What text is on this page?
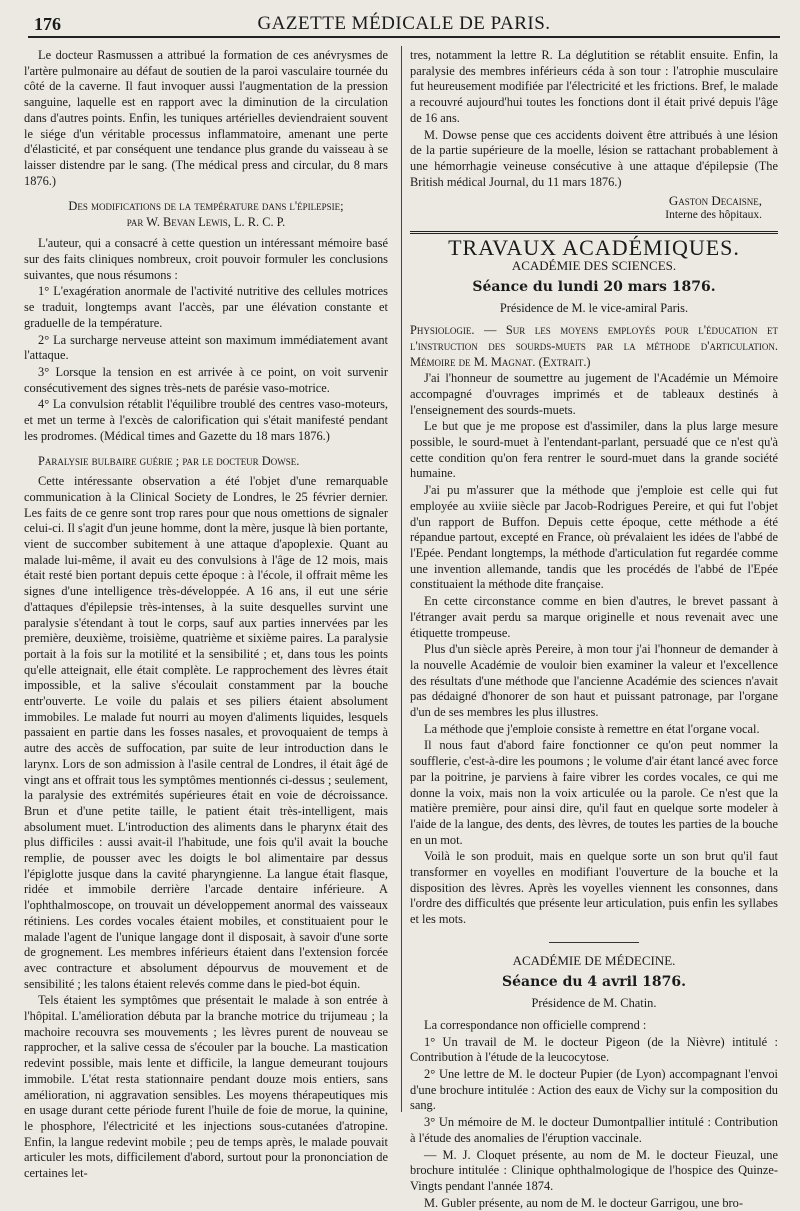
176	GAZETTE MÉDICALE DE PARIS.

Le docteur Rasmussen a attribué la formation de ces anévrysmes de l'artère pulmonaire au défaut de soutien de la paroi vasculaire tournée du côté de la caverne. Il faut invoquer aussi l'augmentation de la pression sanguine, laquelle est en rapport avec la diminution de la circulation dans d'autres points. Enfin, les tuniques artérielles deviendraient souvent le siége d'un véritable processus inflammatoire, amenant une perte d'élasticité, et par conséquent une tendance plus grande du vaisseau à se laisser distendre par le sang. (The médical press and circular, du 8 mars 1876.)

Des modifications de la température dans l'épilepsie;
par W. Bevan Lewis, L. R. C. P.

L'auteur, qui a consacré à cette question un intéressant mémoire basé sur des faits cliniques nombreux, croit pouvoir formuler les conclusions suivantes, que nous résumons :

1° L'exagération anormale de l'activité nutritive des cellules motrices se traduit, longtemps avant l'accès, par une élévation constante et graduelle de la température.

2° La surcharge nerveuse atteint son maximum immédiatement avant l'attaque.

3° Lorsque la tension en est arrivée à ce point, on voit survenir consécutivement des signes très-nets de parésie vaso-motrice.

4° La convulsion rétablit l'équilibre troublé des centres vaso-moteurs, et met un terme à l'excès de calorification qui s'était manifesté pendant les prodromes. (Médical times and Gazette du 18 mars 1876.)

Paralysie bulbaire guérie ; par le docteur Dowse.

Cette intéressante observation a été l'objet d'une remarquable communication à la Clinical Society de Londres, le 25 février dernier. Les faits de ce genre sont trop rares pour que nous omettions de signaler celui-ci. Il s'agit d'un jeune homme, dont la mère, jusque là bien portante, vient de succomber subitement à une attaque d'apoplexie. Quant au malade lui-même, il avait eu des convulsions à l'âge de 12 mois, mais était resté bien portant depuis cette époque : à l'école, il offrait même les signes d'une intelligence très-développée. A 16 ans, il eut une série d'attaques d'épilepsie très-intenses, à la suite desquelles survint une paralysie s'étendant à tout le corps, sauf aux parties innervées par les première, deuxième, troisième, quatrième et sixième paires. La paralysie portait à la fois sur la motilité et la sensibilité ; et, dans tous les points qu'elle atteignait, elle était complète. Le rapprochement des lèvres était impossible, et la salive s'écoulait constamment par la bouche entr'ouverte. Le voile du palais et ses piliers étaient absolument immobiles. Le malade fut nourri au moyen d'aliments liquides, lesquels passaient en partie dans les fosses nasales, et provoquaient de temps à autre des accès de suffocation, par suite de leur introduction dans le larynx. Lors de son admission à l'asile central de Londres, il était âgé de vingt ans et offrait tous les symptômes mentionnés ci-dessus ; seulement, la paralysie des extrémités supérieures était en voie de décroissance. Brun et d'une petite taille, le patient était très-intelligent, mais absolument muet. L'introduction des aliments dans le pharynx était des plus difficiles : aussi avait-il l'habitude, une fois qu'il avait la bouche remplie, de pousser avec les doigts le bol alimentaire par dessus l'épiglotte jusque dans la cavité pharyngienne. La langue était flasque, ridée et immobile derrière l'arcade dentaire inférieure. A l'ophthalmoscope, on trouvait un développement anormal des vaisseaux rétiniens. Les cordes vocales étaient mobiles, et constituaient pour le malade l'agent de l'unique langage dont il disposait, à savoir d'une sorte de grognement. Les membres inférieurs étaient dans l'extension forcée avec contracture et absolument dépourvus de mouvement et de sensibilité ; les talons étaient relevés comme dans le pied-bot équin.

Tels étaient les symptômes que présentait le malade à son entrée à l'hôpital. L'amélioration débuta par la branche motrice du trijumeau ; la machoire recouvra ses mouvements ; les lèvres purent de nouveau se rapprocher, et la salive cessa de s'écouler par la bouche. La mastication redevint possible, mais lente et difficile, la langue demeurant toujours immobile. L'état resta stationnaire pendant douze mois entiers, sans amélioration, ni aggravation sensibles. Les moyens thérapeutiques mis en usage durant cette période furent l'huile de foie de morue, la quinine, le phosphore, l'électricité et les injections sous-cutanées d'atropine. Enfin, la langue redevint mobile ; peu de temps après, le malade pouvait articuler les mots, difficilement d'abord, surtout pour la prononciation de certaines let-

tres, notamment la lettre R. La déglutition se rétablit ensuite. Enfin, la paralysie des membres inférieurs céda à son tour : l'atrophie musculaire fut heureusement modifiée par l'électricité et les frictions. Bref, le malade a recouvré aujourd'hui toutes les fonctions dont il était privé depuis l'âge de 16 ans.

M. Dowse pense que ces accidents doivent être attribués à une lésion de la partie supérieure de la moelle, lésion se rattachant probablement à une hémorrhagie veineuse consécutive à une attaque d'épilepsie (The British médical Journal, du 11 mars 1876.)

Gaston Decaisne,
Interne des hôpitaux.
TRAVAUX ACADÉMIQUES.
ACADÉMIE DES SCIENCES.
Séance du lundi 20 mars 1876.
Présidence de M. le vice-amiral Paris.

Physiologie. — Sur les moyens employés pour l'éducation et l'instruction des sourds-muets par la méthode d'articulation. Mémoire de M. Magnat. (Extrait.)

J'ai l'honneur de soumettre au jugement de l'Académie un Mémoire accompagné d'ouvrages imprimés et de tableaux destinés à l'enseignement des sourds-muets.

Le but que je me propose est d'assimiler, dans la plus large mesure possible, le sourd-muet à l'entendant-parlant, persuadé que ce n'est qu'à cette condition qu'on fera rentrer le sourd-muet dans la grande société humaine.

J'ai pu m'assurer que la méthode que j'emploie est celle qui fut employée au xviiie siècle par Jacob-Rodrigues Pereire, et qui fut l'objet d'un rapport de Buffon. Depuis cette époque, cette méthode a été répandue partout, excepté en France, où prévalaient les idées de l'abbé de l'Epée. Pendant longtemps, la méthode d'articulation fut regardée comme une invention allemande, tandis que les procédés de l'abbé de l'Epée constituaient la méthode dite française.

En cette circonstance comme en bien d'autres, le brevet passant à l'étranger avait perdu sa marque originelle et nous revenait avec une étiquette trompeuse.

Plus d'un siècle après Pereire, à mon tour j'ai l'honneur de demander à la nouvelle Académie de vouloir bien examiner la valeur et l'excellence des résultats d'une méthode que l'ancienne Académie des sciences n'avait pas dédaigné d'honorer de son haut et puissant patronage, par l'organe d'un de ses membres les plus illustres.

La méthode que j'emploie consiste à remettre en état l'organe vocal.

Il nous faut d'abord faire fonctionner ce qu'on peut nommer la soufflerie, c'est-à-dire les poumons ; le volume d'air étant lancé avec force par la poitrine, je parviens à faire vibrer les cordes vocales, ce qui me donne la voix, mais non la voix articulée ou la parole. Ce n'est que la matière première, pour ainsi dire, qu'il faut en quelque sorte modeler à l'aide de la langue, des dents, des lèvres, de toutes les parties de la bouche en un mot.

Voilà le son produit, mais en quelque sorte un son brut qu'il faut transformer en voyelles en modifiant l'ouverture de la bouche et la disposition des lèvres. Après les voyelles viennent les consonnes, dans l'ordre des difficultés que présente leur articulation, puis enfin les syllabes et les mots.

ACADÉMIE DE MÉDECINE.
Séance du 4 avril 1876.
Présidence de M. Chatin.

La correspondance non officielle comprend :

1° Un travail de M. le docteur Pigeon (de la Nièvre) intitulé : Contribution à l'étude de la leucocytose.

2° Une lettre de M. le docteur Pupier (de Lyon) accompagnant l'envoi d'une brochure intitulée : Action des eaux de Vichy sur la composition du sang.

3° Un mémoire de M. le docteur Dumontpallier intitulé : Contribution à l'étude des anomalies de l'éruption vaccinale.

— M. J. Cloquet présente, au nom de M. le docteur Fieuzal, une brochure intitulée : Clinique ophthalmologique de l'hospice des Quinze-Vingts pendant l'année 1874.

M. Gubler présente, au nom de M. le docteur Garrigou, une bro-
